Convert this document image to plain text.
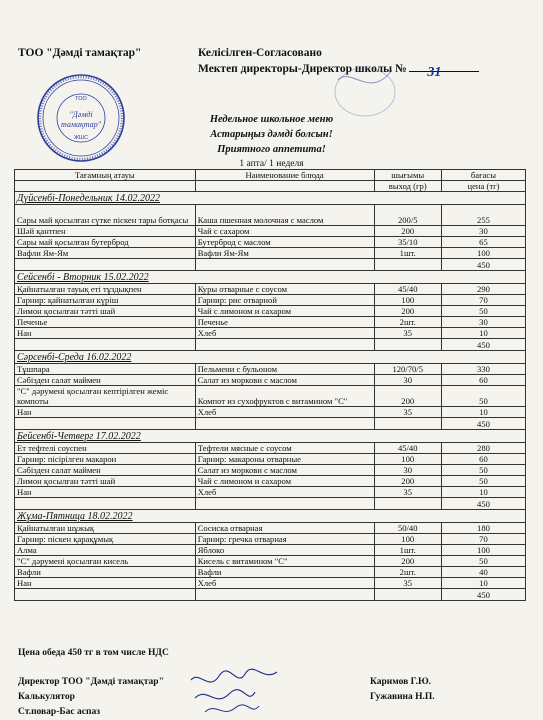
ТОО "Дәмді тамақтар"	Келісілген-Согласовано
Мектеп директоры-Директор школы № 31
ТОО
"Дәмді
тамақтар"
ЖШС
Недельное школьное меню
Астарыңыз дәмді болсын!
Приятного аппетита!
1 апта/ 1 неделя
Тағамның атауы	Наименование блюда	шығымы	бағасы
		выход (гр)	цена (тг)
Дүйсенбі-Понедельник 14.02.2022			
Сары май қосылған сүтке піскен тары ботқасы	Каша пшенная молочная с маслом	200/5	255
Шәй қантпен	Чай с сахаром	200	30
Сары май қосылған бутерброд	Бутерброд с маслом	35/10	65
Вафли Ям-Ям	Вафли Ям-Ям	1шт.	100
			450
Сейсенбі - Вторник 15.02.2022			
Қайнатылған тауық еті тұздықпен	Куры отварные с соусом	45/40	290
Гарнир: қайнатылған күріш	Гарнир: рис отварной	100	70
Лимон қосылған тәтті шай	Чай с лимоном и сахаром	200	50
Печенье	Печенье	2шт.	30
Нан	Хлеб	35	10
			450
Сәрсенбі-Среда 16.02.2022			
Тұшпара	Пельмени с бульоном	120/70/5	330
Сәбізден салат маймен	Салат из моркови с маслом	30	60
"С" дәрумені қосылған кептірілген жеміс компоты	Компот из сухофруктов с витамином "С"	200	50
Нан	Хлеб	35	10
			450
Бейсенбі-Четверг 17.02.2022			
Ет тефтелі соуспен	Тефтели мясные с соусом	45/40	280
Гарнир: пісірілген макарон	Гарнир: макароны отварные	100	60
Сәбізден салат маймен	Салат из моркови с маслом	30	50
Лимон қосылған тәтті шай	Чай с лимоном и сахаром	200	50
Нан	Хлеб	35	10
			450
Жұма-Пятница 18.02.2022			
Қайнатылған шұжық	Сосиска отварная	50/40	180
Гарнир: піскен қарақұмық	Гарнир: гречка отварная	100	70
Алма	Яблоко	1шт.	100
"С" дәрумені қосылған кисель	Кисель с витамином "С"	200	50
Вафли	Вафли	2шт.	40
Нан	Хлеб	35	10
			450
Цена обеда 450 тг в том числе НДС
Директор ТОО "Дәмді тамақтар"
Калькулятор
Ст.повар-Бас аспаз
Каримов Г.Ю.
Гужавина Н.П.
